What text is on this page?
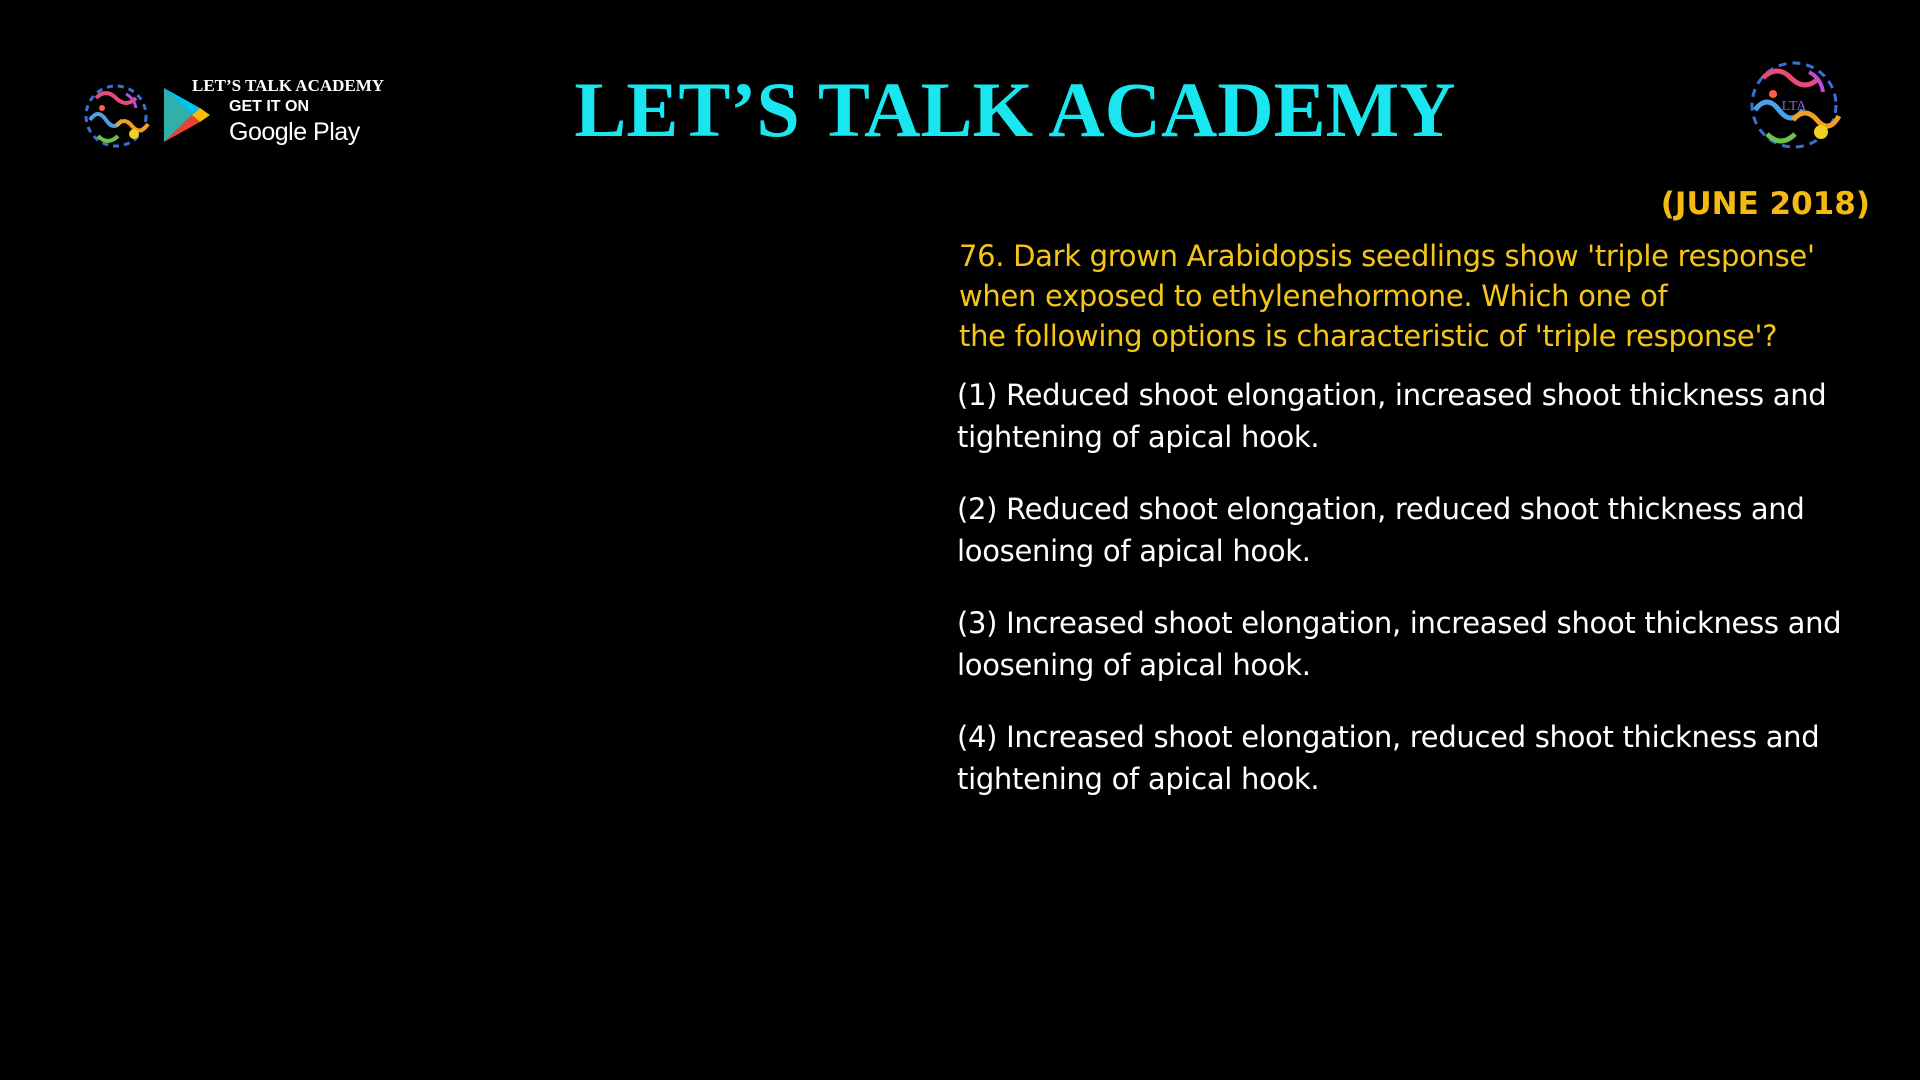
LET’S TALK ACADEMY
GET IT ON
Google Play	LET’S TALK ACADEMY	LTA
(JUNE 2018)
76. Dark grown Arabidopsis seedlings show 'triple response'
when exposed to ethylenehormone. Which one of
the following options is characteristic of 'triple response'?
(1) Reduced shoot elongation, increased shoot thickness and
tightening of apical hook.
(2) Reduced shoot elongation, reduced shoot thickness and
loosening of apical hook.
(3) Increased shoot elongation, increased shoot thickness and
loosening of apical hook.
(4) Increased shoot elongation, reduced shoot thickness and
tightening of apical hook.
